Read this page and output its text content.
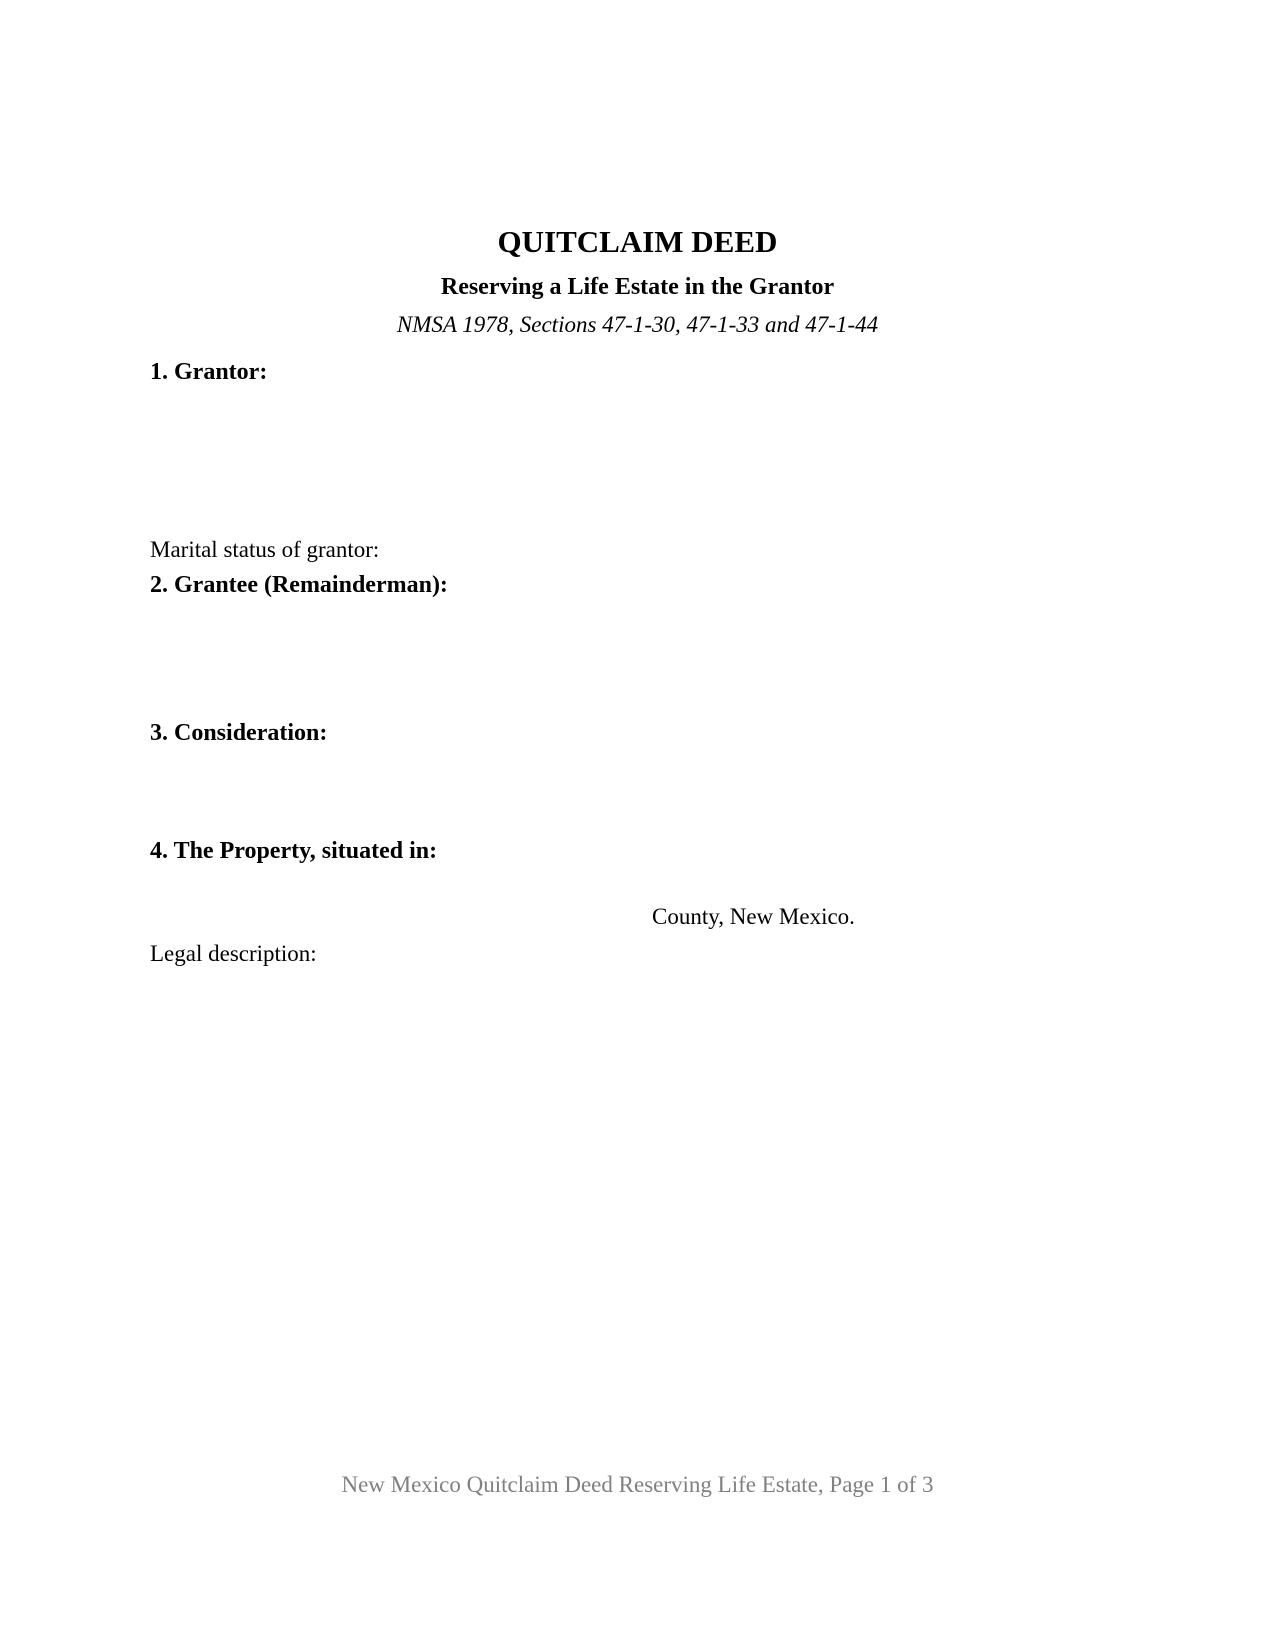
QUITCLAIM DEED
Reserving a Life Estate in the Grantor
NMSA 1978, Sections 47-1-30, 47-1-33 and 47-1-44
1. Grantor:
Marital status of grantor:
2. Grantee (Remainderman):
3. Consideration:
4. The Property, situated in:
County, New Mexico.
Legal description:
New Mexico Quitclaim Deed Reserving Life Estate, Page 1 of 3
